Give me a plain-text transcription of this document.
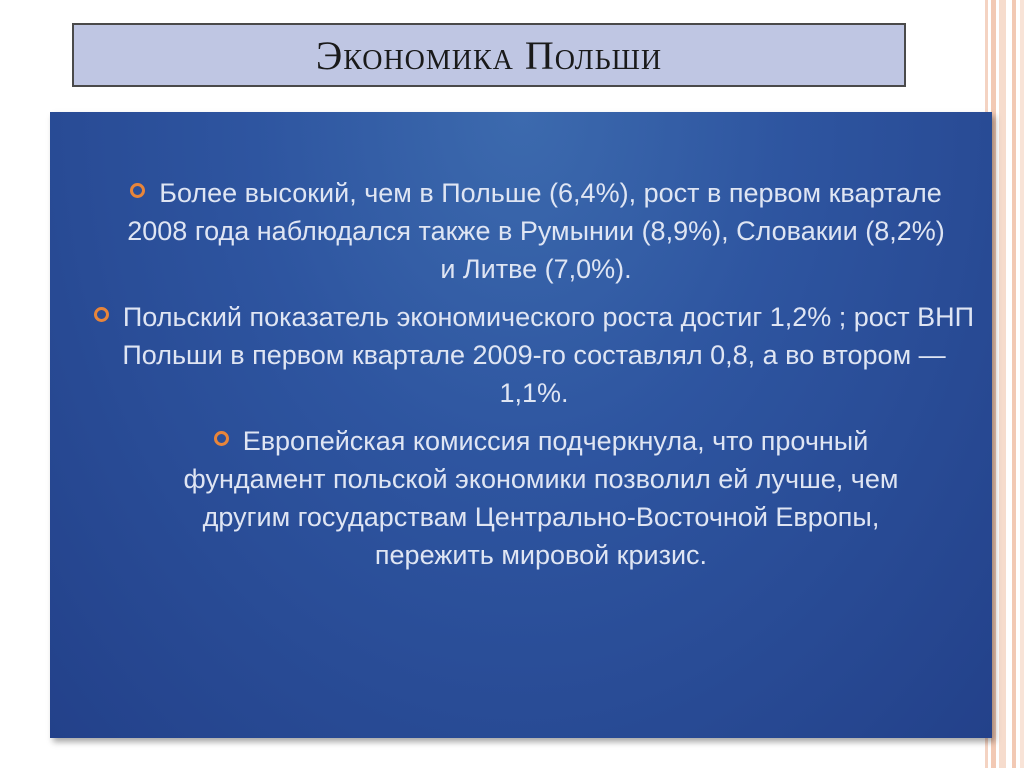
Экономика Польши
Более высокий, чем в Польше (6,4%), рост в первом кварталe 2008 года наблюдался также в Румынии (8,9%), Словакии (8,2%) и Литве (7,0%).
Польский показатель экономического роста достиг 1,2% ; рост ВНП Польши в первом квартале 2009-го составлял 0,8, а во втором — 1,1%.
Европейская комиссия подчеркнула, что прочный фундамент польской экономики позволил ей лучше, чем другим государствам Центрально-Восточной Европы, пережить мировой кризис.
